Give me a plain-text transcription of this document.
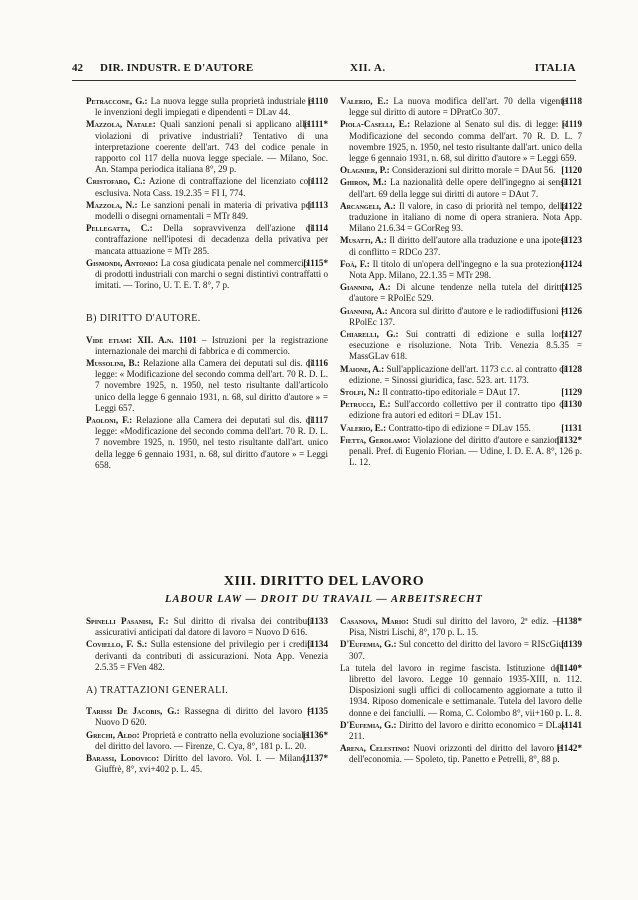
42 DIR. INDUSTR. E D'AUTORE	XII. A.	ITALIA
[1110
Petraccone, G.: La nuova legge sulla proprietà industriale e le invenzioni degli impiegati e dipendenti = DLav 44.
[1111*
Mazzola, Natale: Quali sanzioni penali si applicano alle violazioni di privative industriali? Tentativo di una interpretazione coerente dell'art. 743 del codice penale in rapporto col 117 della nuova legge speciale. — Milano, Soc. An. Stampa periodica italiana 8°, 29 p.
[1112
Cristofaro, C.: Azione di contraffazione del licenziato con esclusiva. Nota Cass. 19.2.35 = FI I, 774.
[1113
Mazzola, N.: Le sanzioni penali in materia di privativa per modelli o disegni ornamentali = MTr 849.
[1114
Pellegatta, C.: Della sopravvivenza dell'azione di contraffazione nell'ipotesi di decadenza della privativa per mancata attuazione = MTr 285.
[1115*
Gismondi, Antonio: La cosa giudicata penale nel commercio di prodotti industriali con marchi o segni distintivi contraffatti o imitati. — Torino, U. T. E. T. 8°, 7 p.
B) DIRITTO D'AUTORE.
Vide etiam: XII. A.n. 1101 – Istruzioni per la registrazione internazionale dei marchi di fabbrica e di commercio.
[1116
Mussolini, B.: Relazione alla Camera dei deputati sul dis. di legge: « Modificazione del secondo comma dell'art. 70 R. D. L. 7 novembre 1925, n. 1950, nel testo risultante dall'articolo unico della legge 6 gennaio 1931, n. 68, sul diritto d'autore » = Leggi 657.
[1117
Paoloni, F.: Relazione alla Camera dei deputati sul dis. di legge: «Modificazione del secondo comma dell'art. 70 R. D. L. 7 novembre 1925, n. 1950, nel testo risultante dall'art. unico della legge 6 gennaio 1931, n. 68, sul diritto d'autore » = Leggi 658.
[1118
Valerio, E.: La nuova modifica dell'art. 70 della vigente legge sul diritto di autore = DPratCo 307.
[1119
Piola-Caselli, E.: Relazione al Senato sul dis. di legge: « Modificazione del secondo comma dell'art. 70 R. D. L. 7 novembre 1925, n. 1950, nel testo risultante dall'art. unico della legge 6 gennaio 1931, n. 68, sul diritto d'autore » = Leggi 659.
[1120
Olagnier, P.: Considerazioni sul diritto morale = DAut 56.
[1121
Ghiron, M.: La nazionalità delle opere dell'ingegno ai sensi dell'art. 69 della legge sui diritti di autore = DAut 7.
[1122
Arcangeli, A.: Il valore, in caso di priorità nel tempo, della traduzione in italiano di nome di opera straniera. Nota App. Milano 21.6.34 = GCorReg 93.
[1123
Musatti, A.: Il diritto dell'autore alla traduzione e una ipotesi di conflitto = RDCo 237.
[1124
Foà, F.: Il titolo di un'opera dell'ingegno e la sua protezione. Nota App. Milano, 22.1.35 = MTr 298.
[1125
Giannini, A.: Di alcune tendenze nella tutela del diritto d'autore = RPolEc 529.
[1126
Giannini, A.: Ancora sul diritto d'autore e le radiodiffusioni = RPolEc 137.
[1127
Chiarelli, G.: Sui contratti di edizione e sulla loro esecuzione e risoluzione. Nota Trib. Venezia 8.5.35 = MassGLav 618.
[1128
Maione, A.: Sull'applicazione dell'art. 1173 c.c. al contratto di edizione. = Sinossi giuridica, fasc. 523. art. 1173.
[1129
Stolfi, N.: Il contratto-tipo editoriale = DAut 17.
[1130
Petrucci, E.: Sull'accordo collettivo per il contratto tipo di edizione fra autori ed editori = DLav 151.
[1131
Valerio, E.: Contratto-tipo di edizione = DLav 155.
[1132*
Fietta, Gerolamo: Violazione del diritto d'autore e sanzioni penali. Pref. di Eugenio Florian. — Udine, I. D. E. A. 8°, 126 p. L. 12.
XIII. DIRITTO DEL LAVORO
LABOUR LAW — DROIT DU TRAVAIL — ARBEITSRECHT
[1133
Spinelli Pasanisi, F.: Sul diritto di rivalsa dei contributi assicurativi anticipati dal datore di lavoro = Nuovo D 616.
[1134
Coviello, F. S.: Sulla estensione del privilegio per i crediti derivanti da contributi di assicurazioni. Nota App. Venezia 2.5.35 = FVen 482.
A) TRATTAZIONI GENERALI.
[1135
Tarissi De Jacobis, G.: Rassegna di diritto del lavoro = Nuovo D 620.
[1136*
Grechi, Aldo: Proprietà e contratto nella evoluzione sociale del diritto del lavoro. — Firenze, C. Cya, 8°, 181 p. L. 20.
[1137*
Barassi, Lodovico: Diritto del lavoro. Vol. I. — Milano, Giuffrè, 8°, xvi+402 p. L. 45.
[1138*
Casanova, Mario: Studi sul diritto del lavoro, 2ª ediz. — Pisa, Nistri Lischi, 8°, 170 p. L. 15.
[1139
D'Eufemia, G.: Sul concetto del diritto del lavoro = RIScGiur 307.
[1140*
La tutela del lavoro in regime fascista. Istituzione del libretto del lavoro. Legge 10 gennaio 1935-XIII, n. 112. Disposizioni sugli uffici di collocamento aggiornate a tutto il 1934. Riposo domenicale e settimanale. Tutela del lavoro delle donne e dei fanciulli. — Roma, C. Colombo 8°, vii+160 p. L. 8.
[1141
D'Eufemia, G.: Diritto del lavoro e diritto economico = DLav 211.
[1142*
Arena, Celestino: Nuovi orizzonti del diritto del lavoro e dell'economia. — Spoleto, tip. Panetto e Petrelli, 8°, 88 p.
